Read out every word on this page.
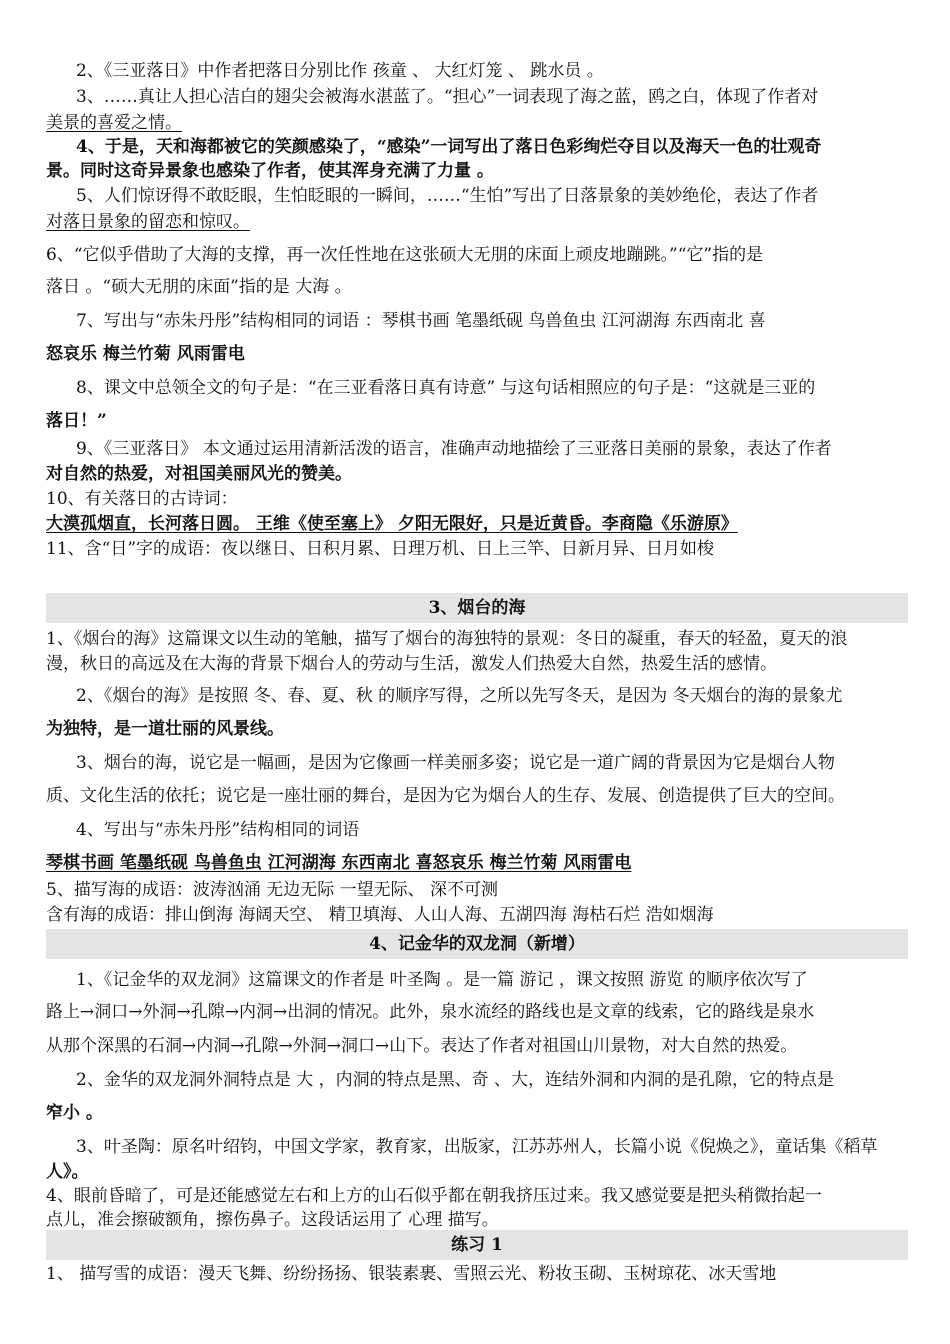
2、《三亚落日》中作者把落日分别比作 孩童 、 大红灯笼 、 跳水员 。
3、……真让人担心洁白的翅尖会被海水湛蓝了。“担心”一词表现了海之蓝，鸥之白，体现了作者对
美景的喜爱之情。
4、于是，天和海都被它的笑颜感染了，“感染”一词写出了落日色彩绚烂夺目以及海天一色的壮观奇
景。同时这奇异景象也感染了作者，使其浑身充满了力量 。
5、人们惊讶得不敢眨眼，生怕眨眼的一瞬间，……“生怕”写出了日落景象的美妙绝伦，表达了作者
对落日景象的留恋和惊叹。
6、“它似乎借助了大海的支撑，再一次任性地在这张硕大无朋的床面上顽皮地蹦跳。”“它”指的是
落日 。“硕大无朋的床面”指的是 大海 。
7、写出与“赤朱丹彤”结构相同的词语 ：琴棋书画 笔墨纸砚 鸟兽鱼虫 江河湖海 东西南北 喜
怒哀乐 梅兰竹菊 风雨雷电
8、课文中总领全文的句子是：“在三亚看落日真有诗意” 与这句话相照应的句子是：“这就是三亚的
落日！”
9、《三亚落日》 本文通过运用清新活泼的语言，准确声动地描绘了三亚落日美丽的景象，表达了作者
对自然的热爱，对祖国美丽风光的赞美。
10、有关落日的古诗词：
大漠孤烟直，长河落日圆。 王维《使至塞上》 夕阳无限好，只是近黄昏。李商隐《乐游原》
11、含“日”字的成语：夜以继日、日积月累、日理万机、日上三竿、日新月异、日月如梭
3、烟台的海
1、《烟台的海》这篇课文以生动的笔触，描写了烟台的海独特的景观：冬日的凝重，春天的轻盈，夏天的浪
漫，秋日的高远及在大海的背景下烟台人的劳动与生活，激发人们热爱大自然，热爱生活的感情。
2、《烟台的海》是按照 冬、春、夏、秋 的顺序写得，之所以先写冬天，是因为 冬天烟台的海的景象尤
为独特，是一道壮丽的风景线。
3、烟台的海，说它是一幅画，是因为它像画一样美丽多姿；说它是一道广阔的背景因为它是烟台人物
质、文化生活的依托；说它是一座壮丽的舞台，是因为它为烟台人的生存、发展、创造提供了巨大的空间。
4、写出与“赤朱丹彤”结构相同的词语
琴棋书画 笔墨纸砚 鸟兽鱼虫 江河湖海 东西南北 喜怒哀乐 梅兰竹菊 风雨雷电
5、描写海的成语：波涛汹涌 无边无际 一望无际、 深不可测
含有海的成语：排山倒海 海阔天空、 精卫填海、人山人海、五湖四海 海枯石烂 浩如烟海
4、记金华的双龙洞（新增）
1、《记金华的双龙洞》这篇课文的作者是 叶圣陶 。是一篇 游记 ，课文按照 游览 的顺序依次写了
路上→洞口→外洞→孔隙→内洞→出洞的情况。此外，泉水流经的路线也是文章的线索，它的路线是泉水
从那个深黑的石洞→内洞→孔隙→外洞→洞口→山下。表达了作者对祖国山川景物，对大自然的热爱。
2、金华的双龙洞外洞特点是 大 ，内洞的特点是黑、奇 、大，连结外洞和内洞的是孔隙，它的特点是
窄小 。
3、叶圣陶：原名叶绍钧，中国文学家，教育家，出版家，江苏苏州人，长篇小说《倪焕之》，童话集《稻草
人》。
4、眼前昏暗了，可是还能感觉左右和上方的山石似乎都在朝我挤压过来。我又感觉要是把头稍微抬起一
点儿，准会擦破额角，擦伤鼻子。这段话运用了 心理 描写。
练习 1
1、 描写雪的成语：漫天飞舞、纷纷扬扬、银装素裹、雪照云光、粉妆玉砌、玉树琼花、冰天雪地
